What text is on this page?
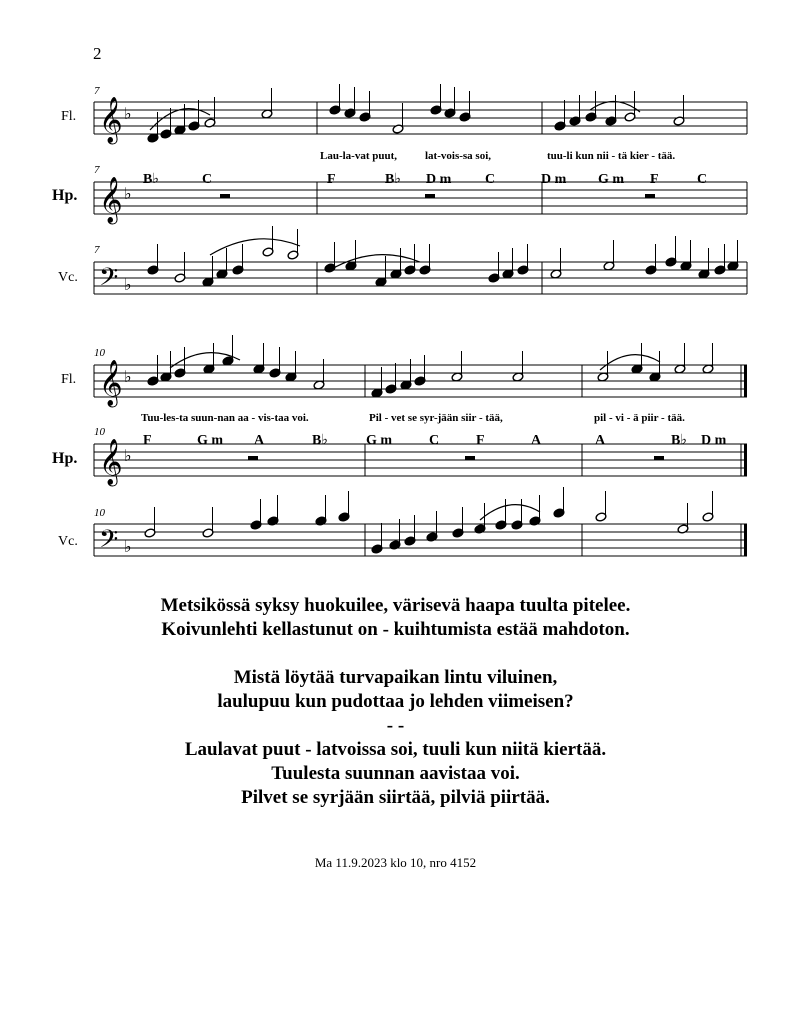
2
𝄞 ♭
𝄞 ♭
𝄢 ♭
𝄞 ♭
𝄞 ♭
𝄢 ♭
Fl.
Hp.
Vc.
Fl.
Hp.
Vc.
7
7
7
10
10
10
Lau-la-vat puut,	lat-vois-sa soi,	tuu-li kun nii - tä kier - tää.
Tuu-les-ta suun-nan aa - vis-taa voi.	Pil - vet se syr-jään siir - tää,	pil - vi - ä piir - tää.
B♭	C	F	B♭ D m C	D m G m F	C
F	G m A	B♭	G m	C	F	A	A	B♭ D m

Metsikössä syksy huokuilee, värisevä haapa tuulta pitelee.

Koivunlehti kellastunut on - kuihtumista estää mahdoton.

Mistä löytää turvapaikan lintu viluinen,

laulupuu kun pudottaa jo lehden viimeisen?

- -

Laulavat puut - latvoissa soi, tuuli kun niitä kiertää.

Tuulesta suunnan aavistaa voi.

Pilvet se syrjään siirtää, pilviä piirtää.

Ma 11.9.2023 klo 10, nro 4152
